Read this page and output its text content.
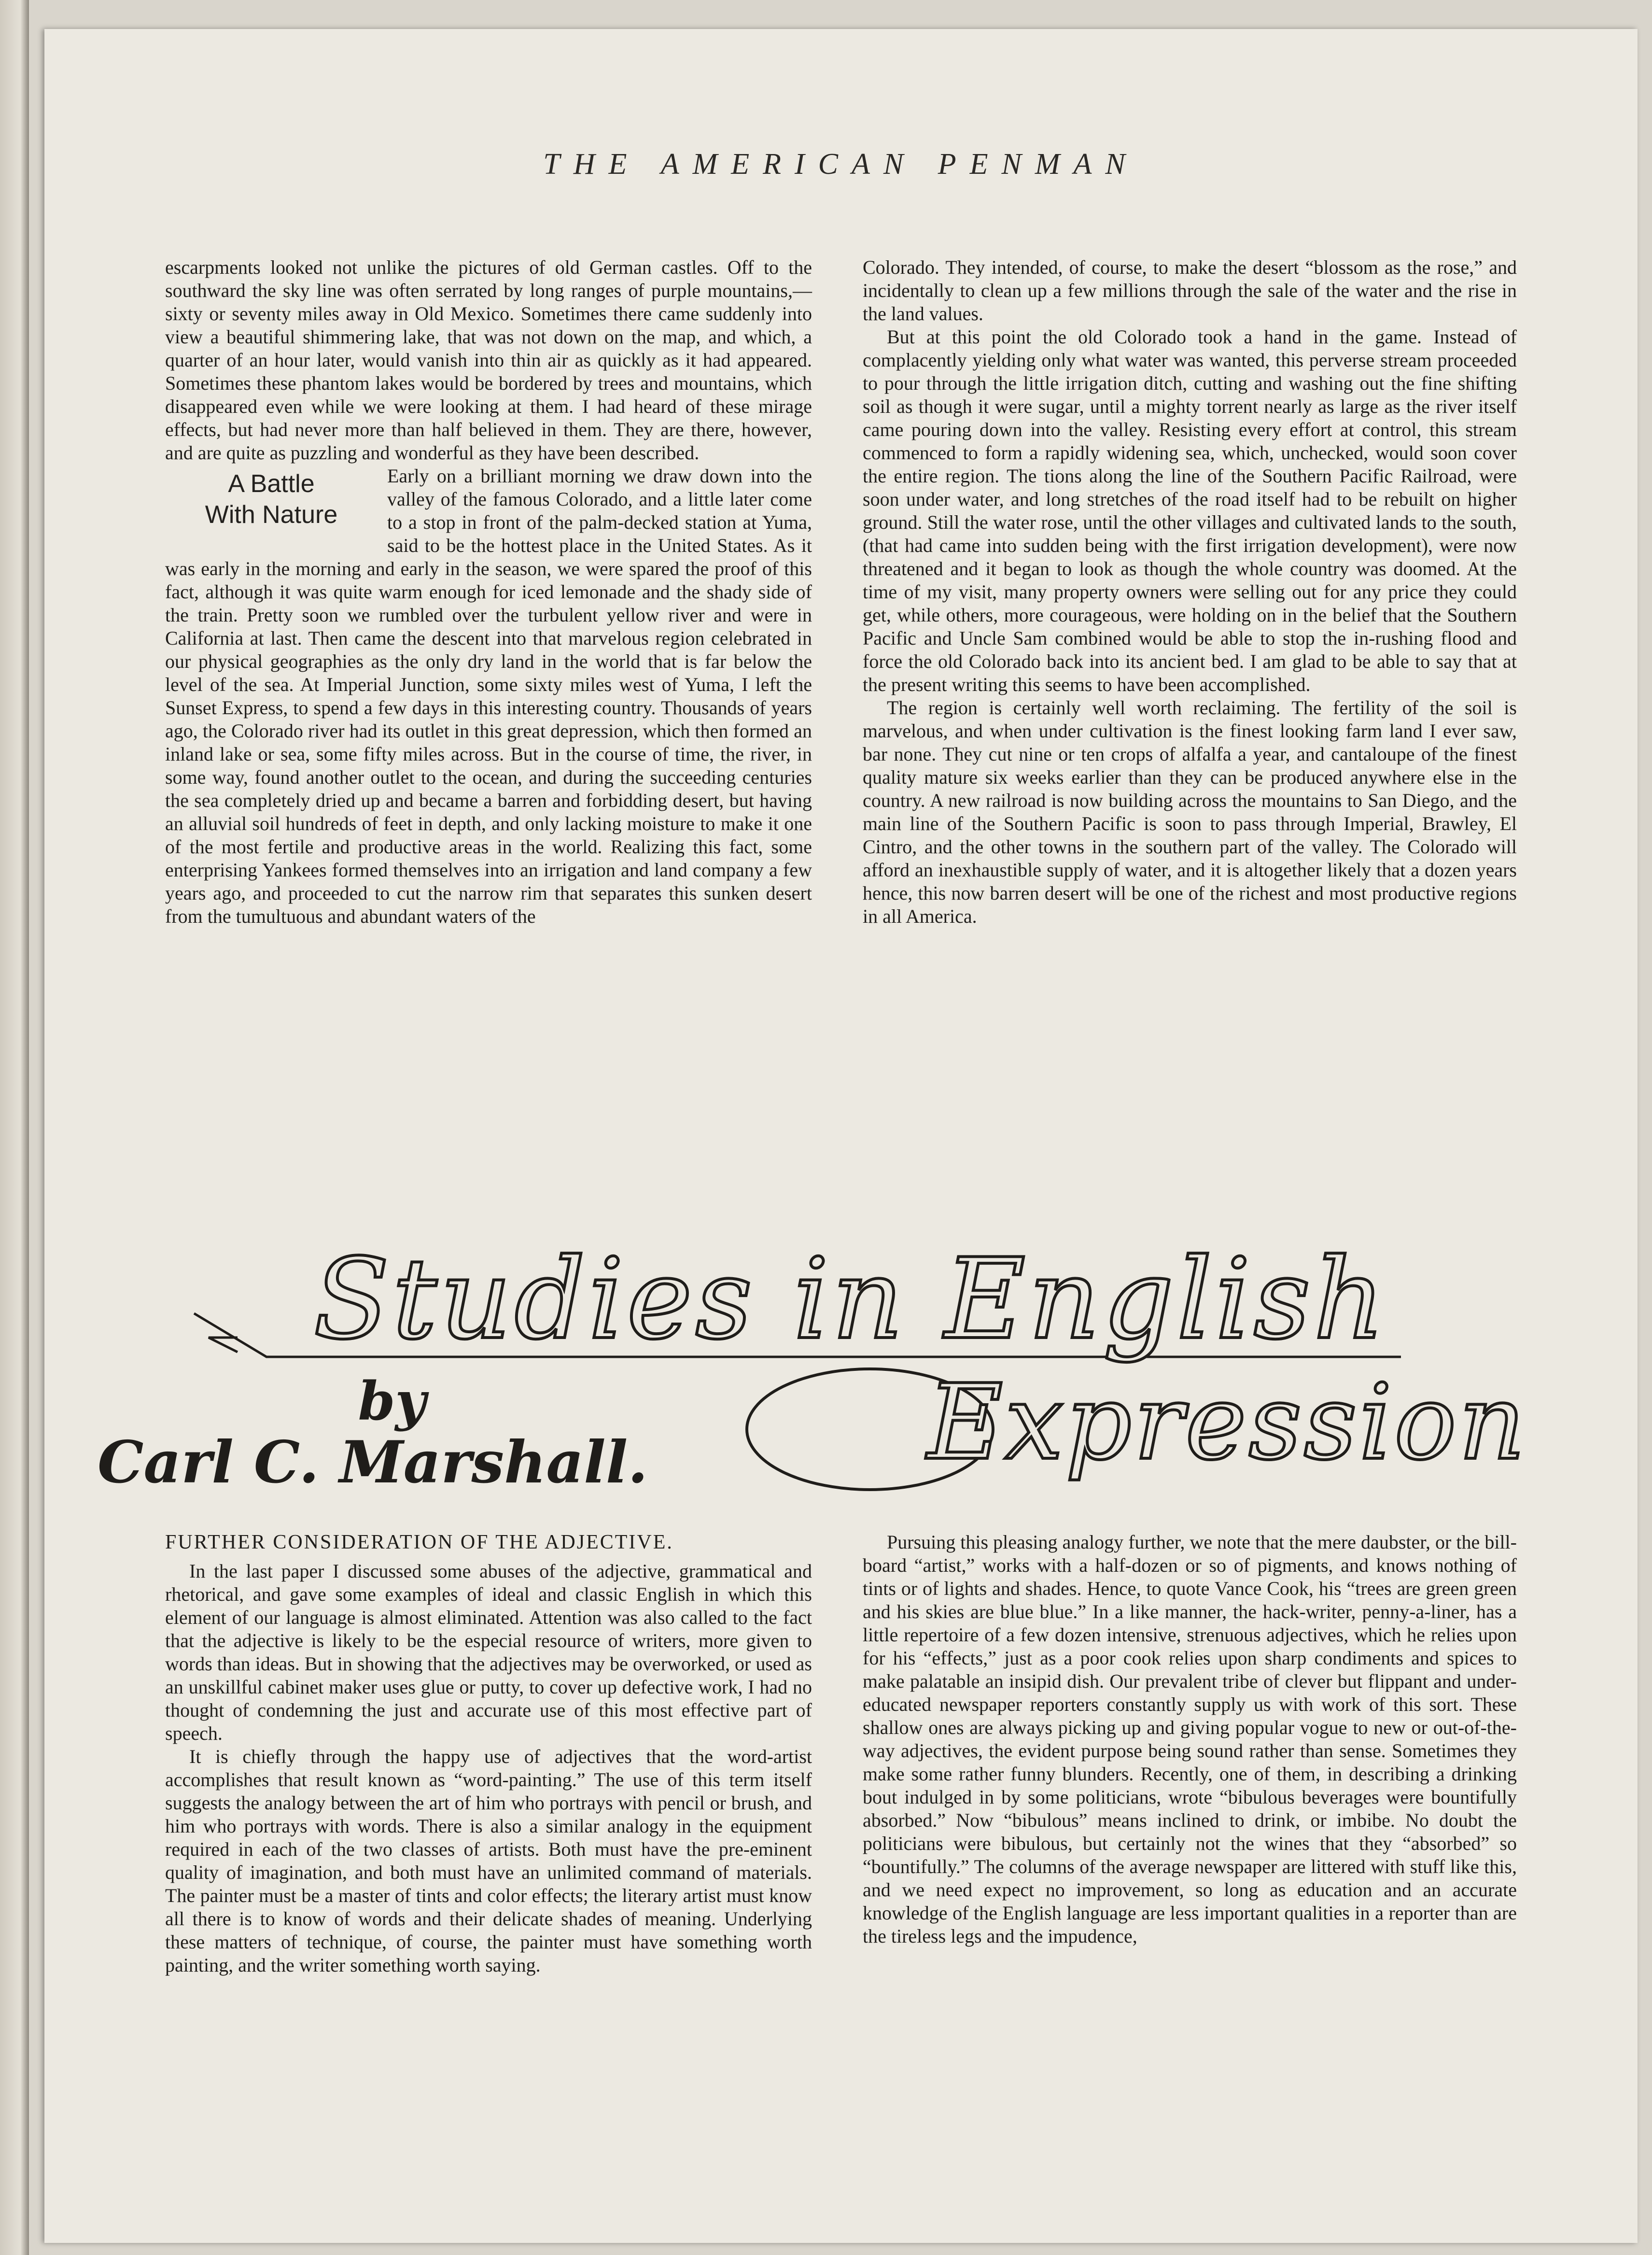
THE AMERICAN PENMAN

escarpments looked not unlike the pictures of old German castles. Off to the southward the sky line was often serrated by long ranges of purple mountains,—sixty or seventy miles away in Old Mexico. Sometimes there came suddenly into view a beautiful shimmering lake, that was not down on the map, and which, a quarter of an hour later, would vanish into thin air as quickly as it had appeared. Sometimes these phantom lakes would be bordered by trees and mountains, which disappeared even while we were looking at them. I had heard of these mirage effects, but had never more than half believed in them. They are there, however, and are quite as puzzling and wonderful as they have been described.

A Battle
With Nature

Early on a brilliant morning we draw down into the valley of the famous Colorado, and a little later come to a stop in front of the palm-decked station at Yuma, said to be the hottest place in the United States. As it was early in the morning and early in the season, we were spared the proof of this fact, although it was quite warm enough for iced lemonade and the shady side of the train. Pretty soon we rumbled over the turbulent yellow river and were in California at last. Then came the descent into that marvelous region celebrated in our physical geographies as the only dry land in the world that is far below the level of the sea. At Imperial Junction, some sixty miles west of Yuma, I left the Sunset Express, to spend a few days in this interesting country. Thousands of years ago, the Colorado river had its outlet in this great depression, which then formed an inland lake or sea, some fifty miles across. But in the course of time, the river, in some way, found another outlet to the ocean, and during the succeeding centuries the sea completely dried up and became a barren and forbidding desert, but having an alluvial soil hundreds of feet in depth, and only lacking moisture to make it one of the most fertile and productive areas in the world. Realizing this fact, some enterprising Yankees formed themselves into an irrigation and land company a few years ago, and proceeded to cut the narrow rim that separates this sunken desert from the tumultuous and abundant waters of the

Colorado. They intended, of course, to make the desert “blossom as the rose,” and incidentally to clean up a few millions through the sale of the water and the rise in the land values.

But at this point the old Colorado took a hand in the game. Instead of complacently yielding only what water was wanted, this perverse stream proceeded to pour through the little irrigation ditch, cutting and washing out the fine shifting soil as though it were sugar, until a mighty torrent nearly as large as the river itself came pouring down into the valley. Resisting every effort at control, this stream commenced to form a rapidly widening sea, which, unchecked, would soon cover the entire region. The tions along the line of the Southern Pacific Railroad, were soon under water, and long stretches of the road itself had to be rebuilt on higher ground. Still the water rose, until the other villages and cultivated lands to the south, (that had came into sudden being with the first irrigation development), were now threatened and it began to look as though the whole country was doomed. At the time of my visit, many property owners were selling out for any price they could get, while others, more courageous, were holding on in the belief that the Southern Pacific and Uncle Sam combined would be able to stop the in-rushing flood and force the old Colorado back into its ancient bed. I am glad to be able to say that at the present writing this seems to have been accomplished.

The region is certainly well worth reclaiming. The fertility of the soil is marvelous, and when under cultivation is the finest looking farm land I ever saw, bar none. They cut nine or ten crops of alfalfa a year, and cantaloupe of the finest quality mature six weeks earlier than they can be produced anywhere else in the country. A new railroad is now building across the mountains to San Diego, and the main line of the Southern Pacific is soon to pass through Imperial, Brawley, El Cintro, and the other towns in the southern part of the valley. The Colorado will afford an inexhaustible supply of water, and it is altogether likely that a dozen years hence, this now barren desert will be one of the richest and most productive regions in all America.

Studies in English
Expression
by
Carl C. Marshall.

FURTHER CONSIDERATION OF THE ADJECTIVE.

In the last paper I discussed some abuses of the adjective, grammatical and rhetorical, and gave some examples of ideal and classic English in which this element of our language is almost eliminated. Attention was also called to the fact that the adjective is likely to be the especial resource of writers, more given to words than ideas. But in showing that the adjectives may be overworked, or used as an unskillful cabinet maker uses glue or putty, to cover up defective work, I had no thought of condemning the just and accurate use of this most effective part of speech.

It is chiefly through the happy use of adjectives that the word-artist accomplishes that result known as “word-painting.” The use of this term itself suggests the analogy between the art of him who portrays with pencil or brush, and him who portrays with words. There is also a similar analogy in the equipment required in each of the two classes of artists. Both must have the pre-eminent quality of imagination, and both must have an unlimited command of materials. The painter must be a master of tints and color effects; the literary artist must know all there is to know of words and their delicate shades of meaning. Underlying these matters of technique, of course, the painter must have something worth painting, and the writer something worth saying.

Pursuing this pleasing analogy further, we note that the mere daubster, or the bill-board “artist,” works with a half-dozen or so of pigments, and knows nothing of tints or of lights and shades. Hence, to quote Vance Cook, his “trees are green green and his skies are blue blue.” In a like manner, the hack-writer, penny-a-liner, has a little repertoire of a few dozen intensive, strenuous adjectives, which he relies upon for his “effects,” just as a poor cook relies upon sharp condiments and spices to make palatable an insipid dish. Our prevalent tribe of clever but flippant and under-educated newspaper reporters constantly supply us with work of this sort. These shallow ones are always picking up and giving popular vogue to new or out-of-the-way adjectives, the evident purpose being sound rather than sense. Sometimes they make some rather funny blunders. Recently, one of them, in describing a drinking bout indulged in by some politicians, wrote “bibulous beverages were bountifully absorbed.” Now “bibulous” means inclined to drink, or imbibe. No doubt the politicians were bibulous, but certainly not the wines that they “absorbed” so “bountifully.” The columns of the average newspaper are littered with stuff like this, and we need expect no improvement, so long as education and an accurate knowledge of the English language are less important qualities in a reporter than are the tireless legs and the impudence,
